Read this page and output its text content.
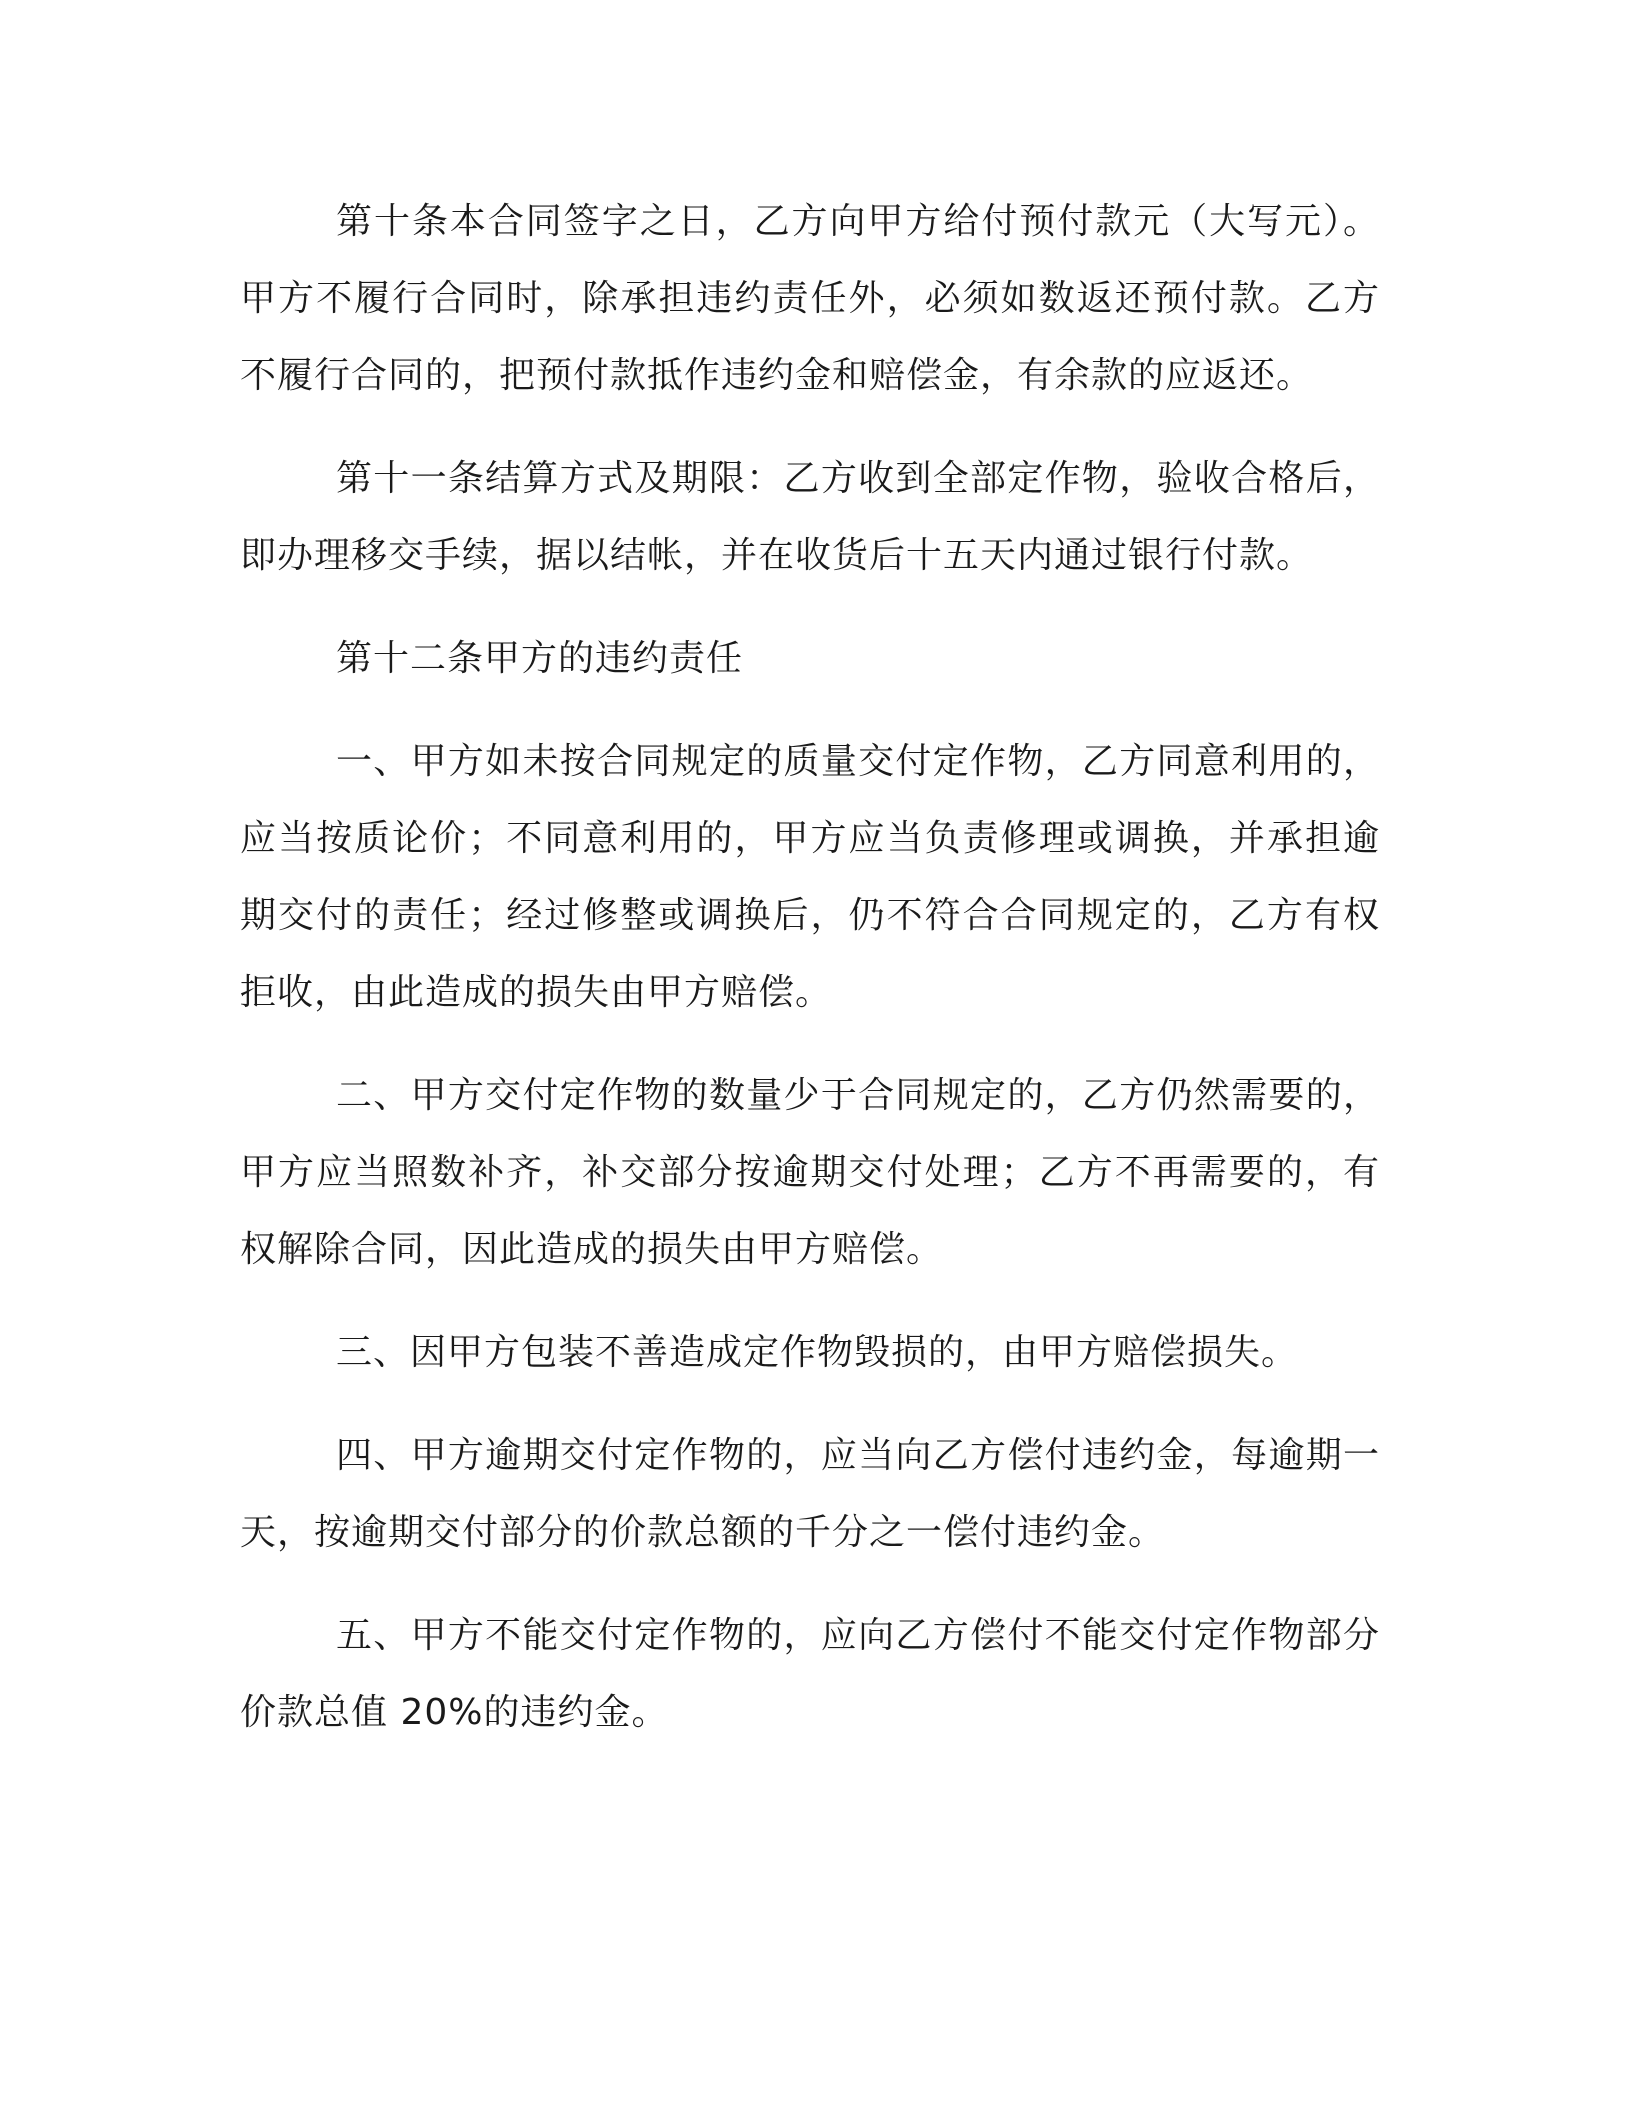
第十条本合同签字之日，乙方向甲方给付预付款元（大写元）。甲方不履行合同时，除承担违约责任外，必须如数返还预付款。乙方不履行合同的，把预付款抵作违约金和赔偿金，有余款的应返还。

第十一条结算方式及期限：乙方收到全部定作物，验收合格后，即办理移交手续，据以结帐，并在收货后十五天内通过银行付款。

第十二条甲方的违约责任

一、甲方如未按合同规定的质量交付定作物，乙方同意利用的，应当按质论价；不同意利用的，甲方应当负责修理或调换，并承担逾期交付的责任；经过修整或调换后，仍不符合合同规定的，乙方有权拒收，由此造成的损失由甲方赔偿。

二、甲方交付定作物的数量少于合同规定的，乙方仍然需要的，甲方应当照数补齐，补交部分按逾期交付处理；乙方不再需要的，有权解除合同，因此造成的损失由甲方赔偿。

三、因甲方包装不善造成定作物毁损的，由甲方赔偿损失。

四、甲方逾期交付定作物的，应当向乙方偿付违约金，每逾期一天，按逾期交付部分的价款总额的千分之一偿付违约金。

五、甲方不能交付定作物的，应向乙方偿付不能交付定作物部分价款总值 20%的违约金。
